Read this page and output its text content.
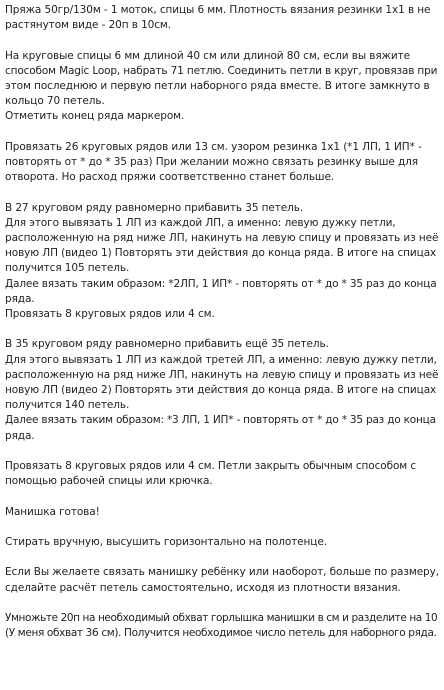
Пряжа 50гр/130м - 1 моток, спицы 6 мм. Плотность вязания резинки 1х1 в не
растянутом виде - 20п в 10см.
На круговые спицы 6 мм длиной 40 см или длиной 80 см, если вы вяжите
способом Magic Loop, набрать 71 петлю. Соединить петли в круг, провязав при
этом последнюю и первую петли наборного ряда вместе. В итоге замкнуто в
кольцо 70 петель.
Отметить конец ряда маркером.
Провязать 26 круговых рядов или 13 см. узором резинка 1х1 (*1 ЛП, 1 ИП* -
повторять от * до * 35 раз) При желании можно связать резинку выше для
отворота. Но расход пряжи соответственно станет больше.
В 27 круговом ряду равномерно прибавить 35 петель.
Для этого вывязать 1 ЛП из каждой ЛП, а именно: левую дужку петли,
расположенную на ряд ниже ЛП, накинуть на левую спицу и провязать из неё
новую ЛП (видео 1) Повторять эти действия до конца ряда. В итоге на спицах
получится 105 петель.
Далее вязать таким образом: *2ЛП, 1 ИП* - повторять от * до * 35 раз до конца
ряда.
Провязать 8 круговых рядов или 4 см.
В 35 круговом ряду равномерно прибавить ещё 35 петель.
Для этого вывязать 1 ЛП из каждой третей ЛП, а именно: левую дужку петли,
расположенную на ряд ниже ЛП, накинуть на левую спицу и провязать из неё
новую ЛП (видео 2) Повторять эти действия до конца ряда. В итоге на спицах
получится 140 петель.
Далее вязать таким образом: *3 ЛП, 1 ИП* - повторять от * до * 35 раз до конца
ряда.
Провязать 8 круговых рядов или 4 см. Петли закрыть обычным способом с
помощью рабочей спицы или крючка.
Манишка готова!
Стирать вручную, высушить горизонтально на полотенце.
Если Вы желаете связать манишку ребёнку или наоборот, больше по размеру,
сделайте расчёт петель самостоятельно, исходя из плотности вязания.
Умножьте 20п на необходимый обхват горлышка манишки в см и разделите на 10
(У меня обхват 36 см). Получится необходимое число петель для наборного ряда.
